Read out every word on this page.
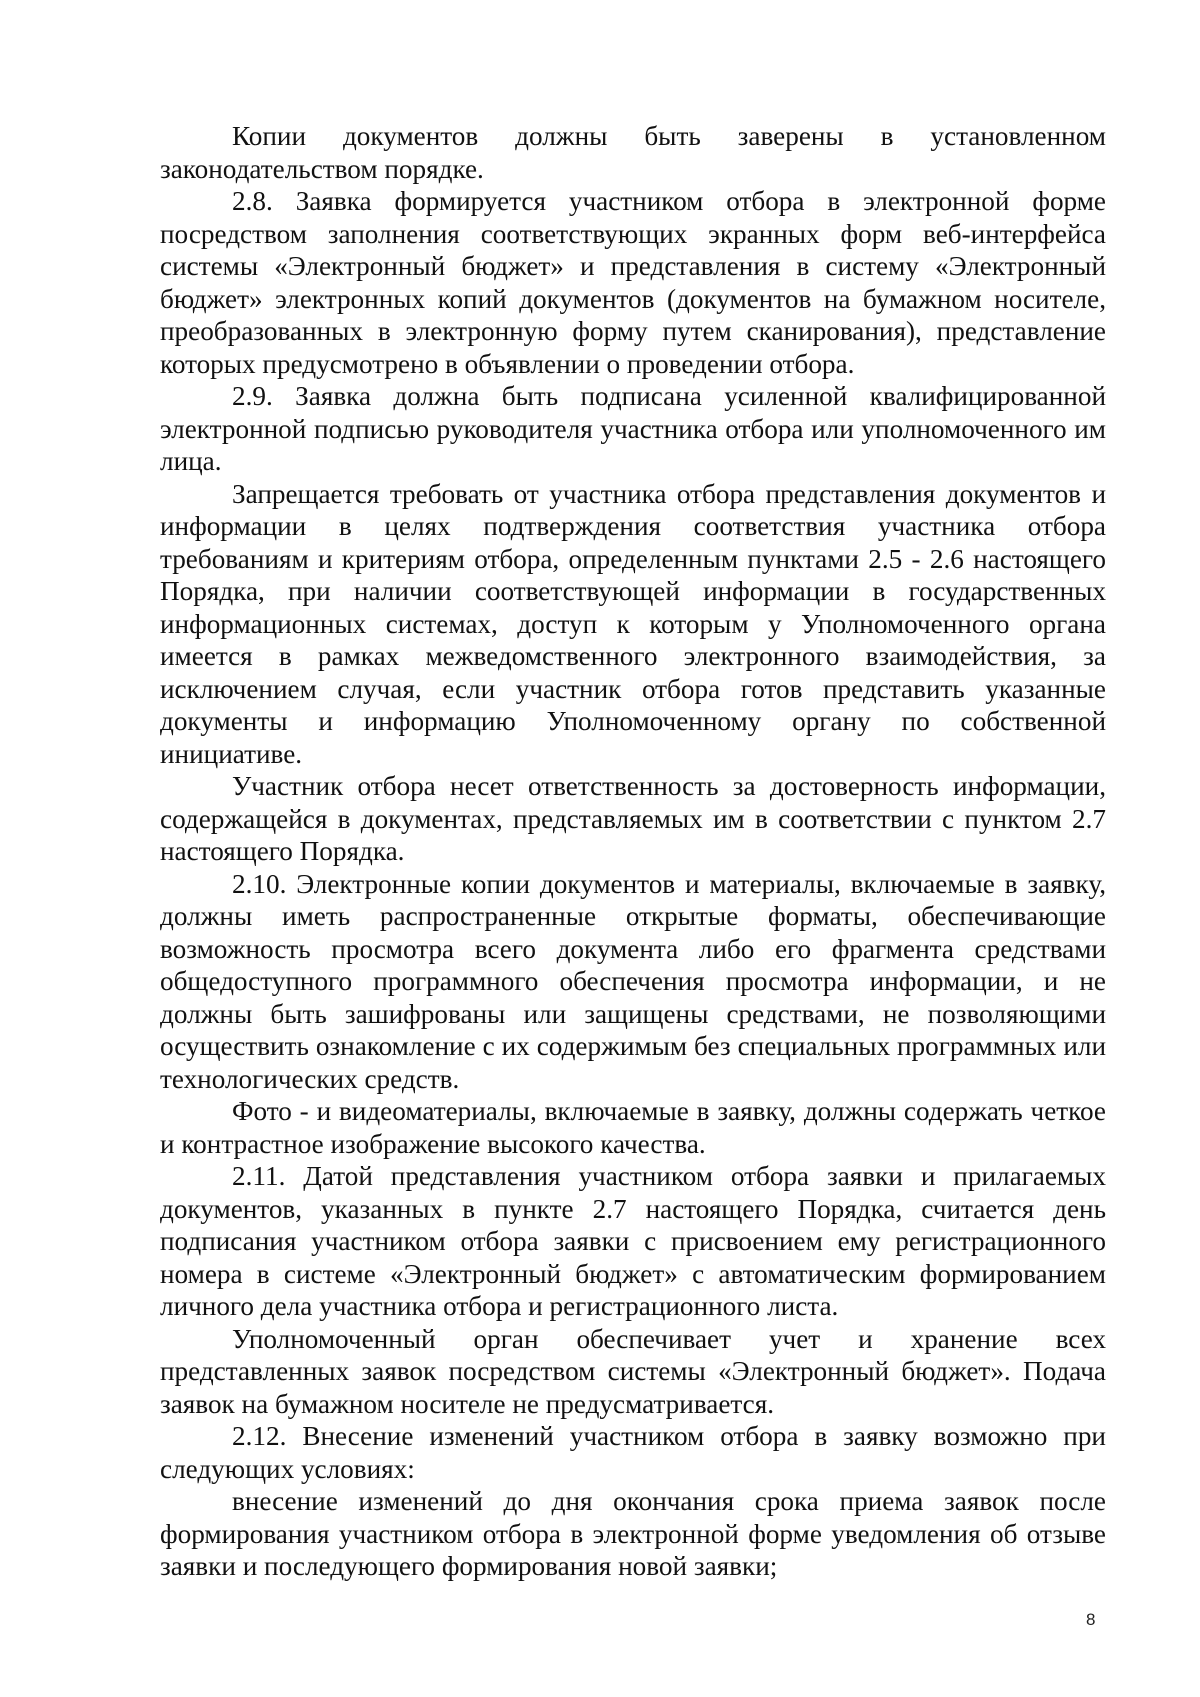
Копии документов должны быть заверены в установленном законодательством порядке.

2.8. Заявка формируется участником отбора в электронной форме посредством заполнения соответствующих экранных форм веб-интерфейса системы «Электронный бюджет» и представления в систему «Электронный бюджет» электронных копий документов (документов на бумажном носителе, преобразованных в электронную форму путем сканирования), представление которых предусмотрено в объявлении о проведении отбора.

2.9. Заявка должна быть подписана усиленной квалифицированной электронной подписью руководителя участника отбора или уполномоченного им лица.

Запрещается требовать от участника отбора представления документов и информации в целях подтверждения соответствия участника отбора требованиям и критериям отбора, определенным пунктами 2.5 - 2.6 настоящего Порядка, при наличии соответствующей информации в государственных информационных системах, доступ к которым у Уполномоченного органа имеется в рамках межведомственного электронного взаимодействия, за исключением случая, если участник отбора готов представить указанные документы и информацию Уполномоченному органу по собственной инициативе.

Участник отбора несет ответственность за достоверность информации, содержащейся в документах, представляемых им в соответствии с пунктом 2.7 настоящего Порядка.

2.10. Электронные копии документов и материалы, включаемые в заявку, должны иметь распространенные открытые форматы, обеспечивающие возможность просмотра всего документа либо его фрагмента средствами общедоступного программного обеспечения просмотра информации, и не должны быть зашифрованы или защищены средствами, не позволяющими осуществить ознакомление с их содержимым без специальных программных или технологических средств.

Фото - и видеоматериалы, включаемые в заявку, должны содержать четкое и контрастное изображение высокого качества.

2.11. Датой представления участником отбора заявки и прилагаемых документов, указанных в пункте 2.7 настоящего Порядка, считается день подписания участником отбора заявки с присвоением ему регистрационного номера в системе «Электронный бюджет» с автоматическим формированием личного дела участника отбора и регистрационного листа.

Уполномоченный орган обеспечивает учет и хранение всех представленных заявок посредством системы «Электронный бюджет». Подача заявок на бумажном носителе не предусматривается.

2.12. Внесение изменений участником отбора в заявку возможно при следующих условиях:

внесение изменений до дня окончания срока приема заявок после формирования участником отбора в электронной форме уведомления об отзыве заявки и последующего формирования новой заявки;

8
